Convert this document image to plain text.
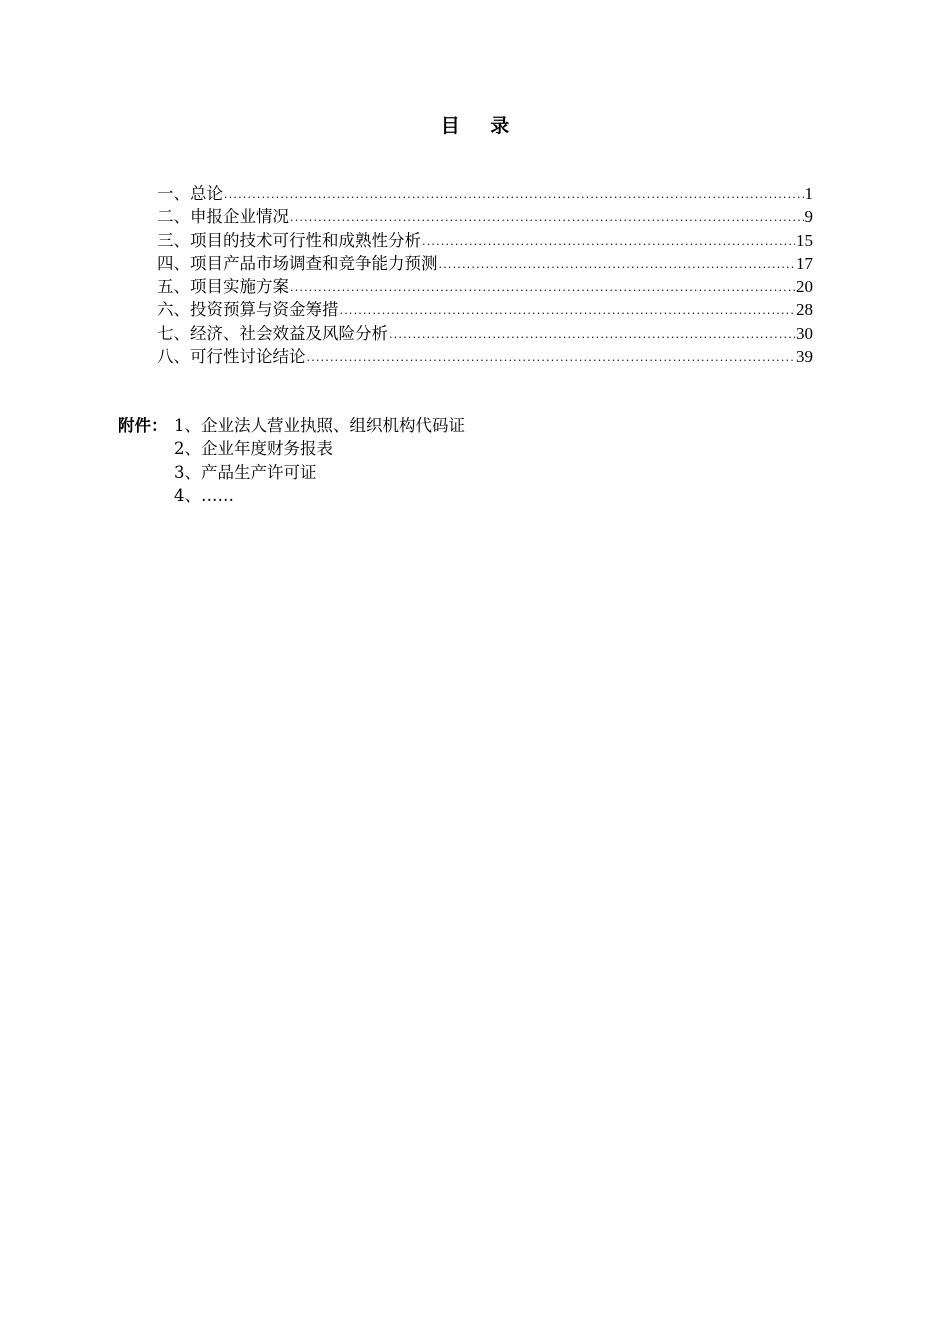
目 录
一、总论 .....	1
二、申报企业情况 .....	9
三、项目的技术可行性和成熟性分析 .....	15
四、项目产品市场调查和竞争能力预测 .....	17
五、项目实施方案 .....	20
六、投资预算与资金筹措 .....	28
七、经济、社会效益及风险分析 .....	30
八、可行性讨论结论 .....	39
附件： 1、企业法人营业执照、组织机构代码证
2、企业年度财务报表
3、产品生产许可证
4、……
